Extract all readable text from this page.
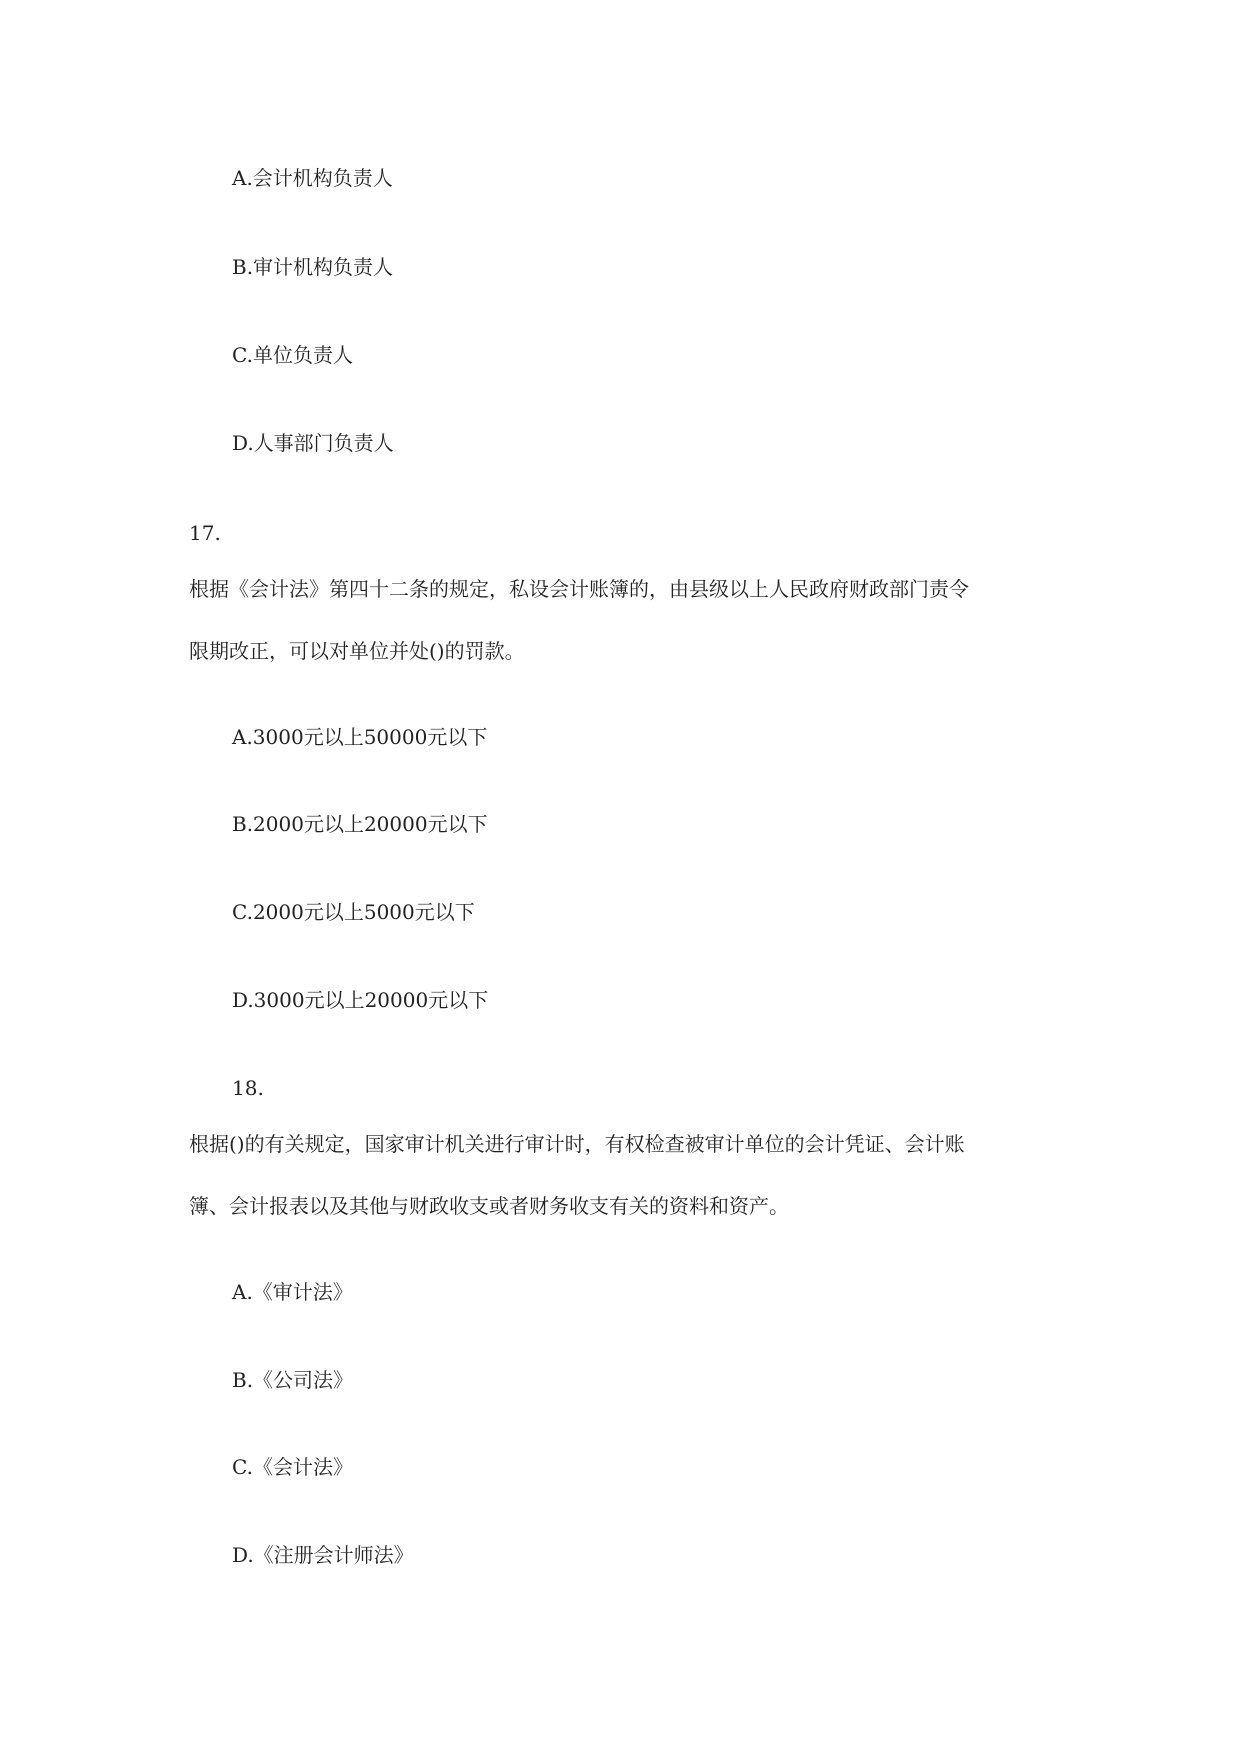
A.会计机构负责人
B.审计机构负责人
C.单位负责人
D.人事部门负责人
17.
根据《会计法》第四十二条的规定，私设会计账簿的，由县级以上人民政府财政部门责令
限期改正，可以对单位并处()的罚款。
A.3000元以上50000元以下
B.2000元以上20000元以下
C.2000元以上5000元以下
D.3000元以上20000元以下
18.
根据()的有关规定，国家审计机关进行审计时，有权检查被审计单位的会计凭证、会计账
簿、会计报表以及其他与财政收支或者财务收支有关的资料和资产。
A.《审计法》
B.《公司法》
C.《会计法》
D.《注册会计师法》
